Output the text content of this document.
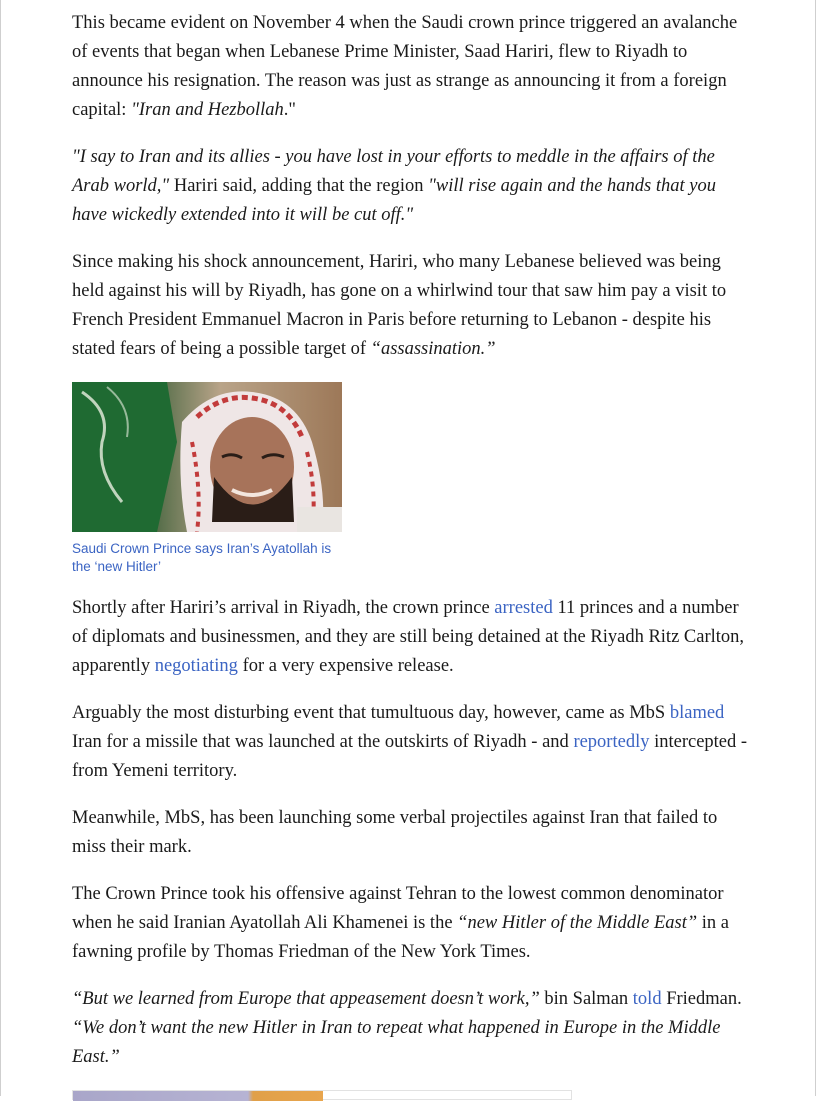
This became evident on November 4 when the Saudi crown prince triggered an avalanche of events that began when Lebanese Prime Minister, Saad Hariri, flew to Riyadh to announce his resignation. The reason was just as strange as announcing it from a foreign capital: "Iran and Hezbollah."

"I say to Iran and its allies - you have lost in your efforts to meddle in the affairs of the Arab world," Hariri said, adding that the region "will rise again and the hands that you have wickedly extended into it will be cut off."

Since making his shock announcement, Hariri, who many Lebanese believed was being held against his will by Riyadh, has gone on a whirlwind tour that saw him pay a visit to French President Emmanuel Macron in Paris before returning to Lebanon - despite his stated fears of being a possible target of “assassination.”

Saudi Crown Prince says Iran’s Ayatollah is the ‘new Hitler’

Shortly after Hariri’s arrival in Riyadh, the crown prince arrested 11 princes and a number of diplomats and businessmen, and they are still being detained at the Riyadh Ritz Carlton, apparently negotiating for a very expensive release.

Arguably the most disturbing event that tumultuous day, however, came as MbS blamed Iran for a missile that was launched at the outskirts of Riyadh - and reportedly intercepted - from Yemeni territory.

Meanwhile, MbS, has been launching some verbal projectiles against Iran that failed to miss their mark.

The Crown Prince took his offensive against Tehran to the lowest common denominator when he said Iranian Ayatollah Ali Khamenei is the “new Hitler of the Middle East” in a fawning profile by Thomas Friedman of the New York Times.

“But we learned from Europe that appeasement doesn’t work,” bin Salman told Friedman. “We don’t want the new Hitler in Iran to repeat what happened in Europe in the Middle East.”
